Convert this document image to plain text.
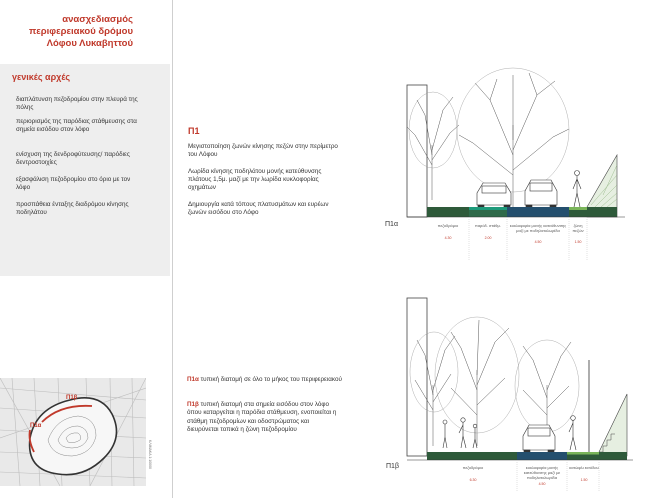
ανασχεδιασμός
περιφερειακού δρόμου
Λόφου Λυκαβηττού
γενικές αρχές
διαπλάτυνση πεζοδρομίου στην πλευρά της πόλης
περιορισμός της παρόδιας στάθμευσης στα σημεία εισόδου στον λόφο
ενίσχυση της δενδροφύτευσης/ παρόδιες δεντροστοιχίες
εξασφάλιση πεζοδρομίου στο όριο με τον λόφο
προσπάθεια ένταξης διαδρόμου κίνησης ποδηλάτου
Π1
Μεγιστοποίηση ζωνών κίνησης πεζών στην περίμετρο του Λόφου
Λωρίδα κίνησης ποδηλάτου μονής κατεύθυνσης πλάτους 1,5μ. μαζί με την λωρίδα κυκλοφορίας οχημάτων
Δημιουργία κατά τόπους πλατυσμάτων και ευρέων ζωνών εισόδου στο Λόφο
Π1α τυπική διατομή σε όλο το μήκος του περιφερειακού
Π1β τυπική διατομή στα σημεία εισόδου στον λόφο όπου καταργείται η παρόδια στάθμευση, ενοποιείται η στάθμη πεζοδρομίων και οδοστρώματος και διευρύνεται τοπικά η ζώνη πεζοδρομίου
Π1β
Π1α
ΚΛΙΜΑΚΑ 1:10000
Π1α	πεζοδρόμιο
4.30
παρόδ. στάθμ.
2.00
κυκλοφορία μονής κατεύθυνσης μαζί με ποδηλατολωρίδα
4.50
ζώνη πεζών
1.50
Π1β	πεζοδρόμιο
6.30
κυκλοφορία μονής κατεύθυνσης μαζί με ποδηλατολωρίδα
4.50
κατώφλι εισόδου
1.50
